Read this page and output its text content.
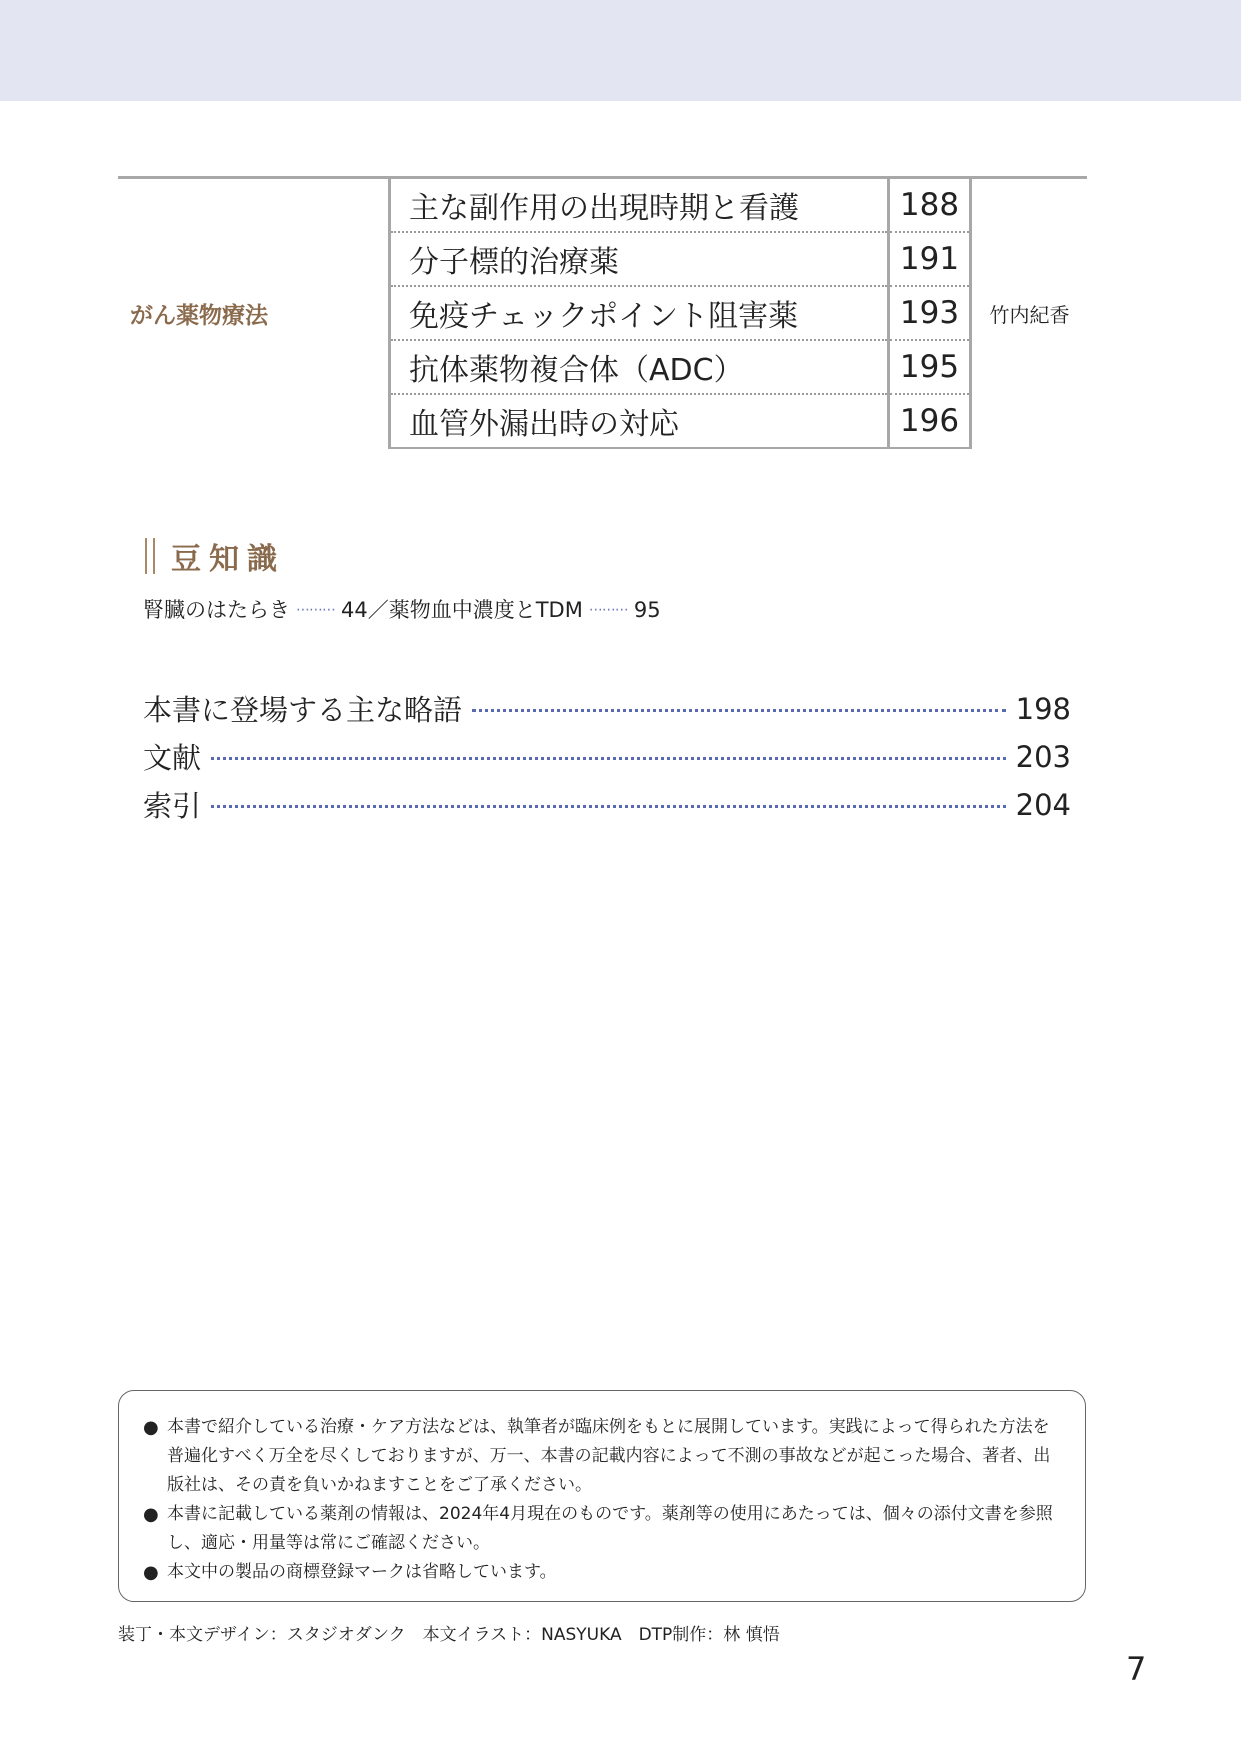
がん薬物療法	主な副作用の出現時期と看護	188	竹内紀香
	分子標的治療薬	191	
	免疫チェックポイント阻害薬	193	
	抗体薬物複合体（ADC）	195	
	血管外漏出時の対応	196	
豆知識
腎臓のはたらき ⋯⋯⋯ 44／薬物血中濃度とTDM ⋯⋯⋯ 95
本書に登場する主な略語	198
文献	203
索引	204
● 本書で紹介している治療・ケア方法などは、執筆者が臨床例をもとに展開しています。実践によって得られた方法を普遍化すべく万全を尽くしておりますが、万一、本書の記載内容によって不測の事故などが起こった場合、著者、出版社は、その責を負いかねますことをご了承ください。
● 本書に記載している薬剤の情報は、2024年4月現在のものです。薬剤等の使用にあたっては、個々の添付文書を参照し、適応・用量等は常にご確認ください。
● 本文中の製品の商標登録マークは省略しています。
装丁・本文デザイン：スタジオダンク　本文イラスト：NASYUKA　DTP制作：林 慎悟
7
